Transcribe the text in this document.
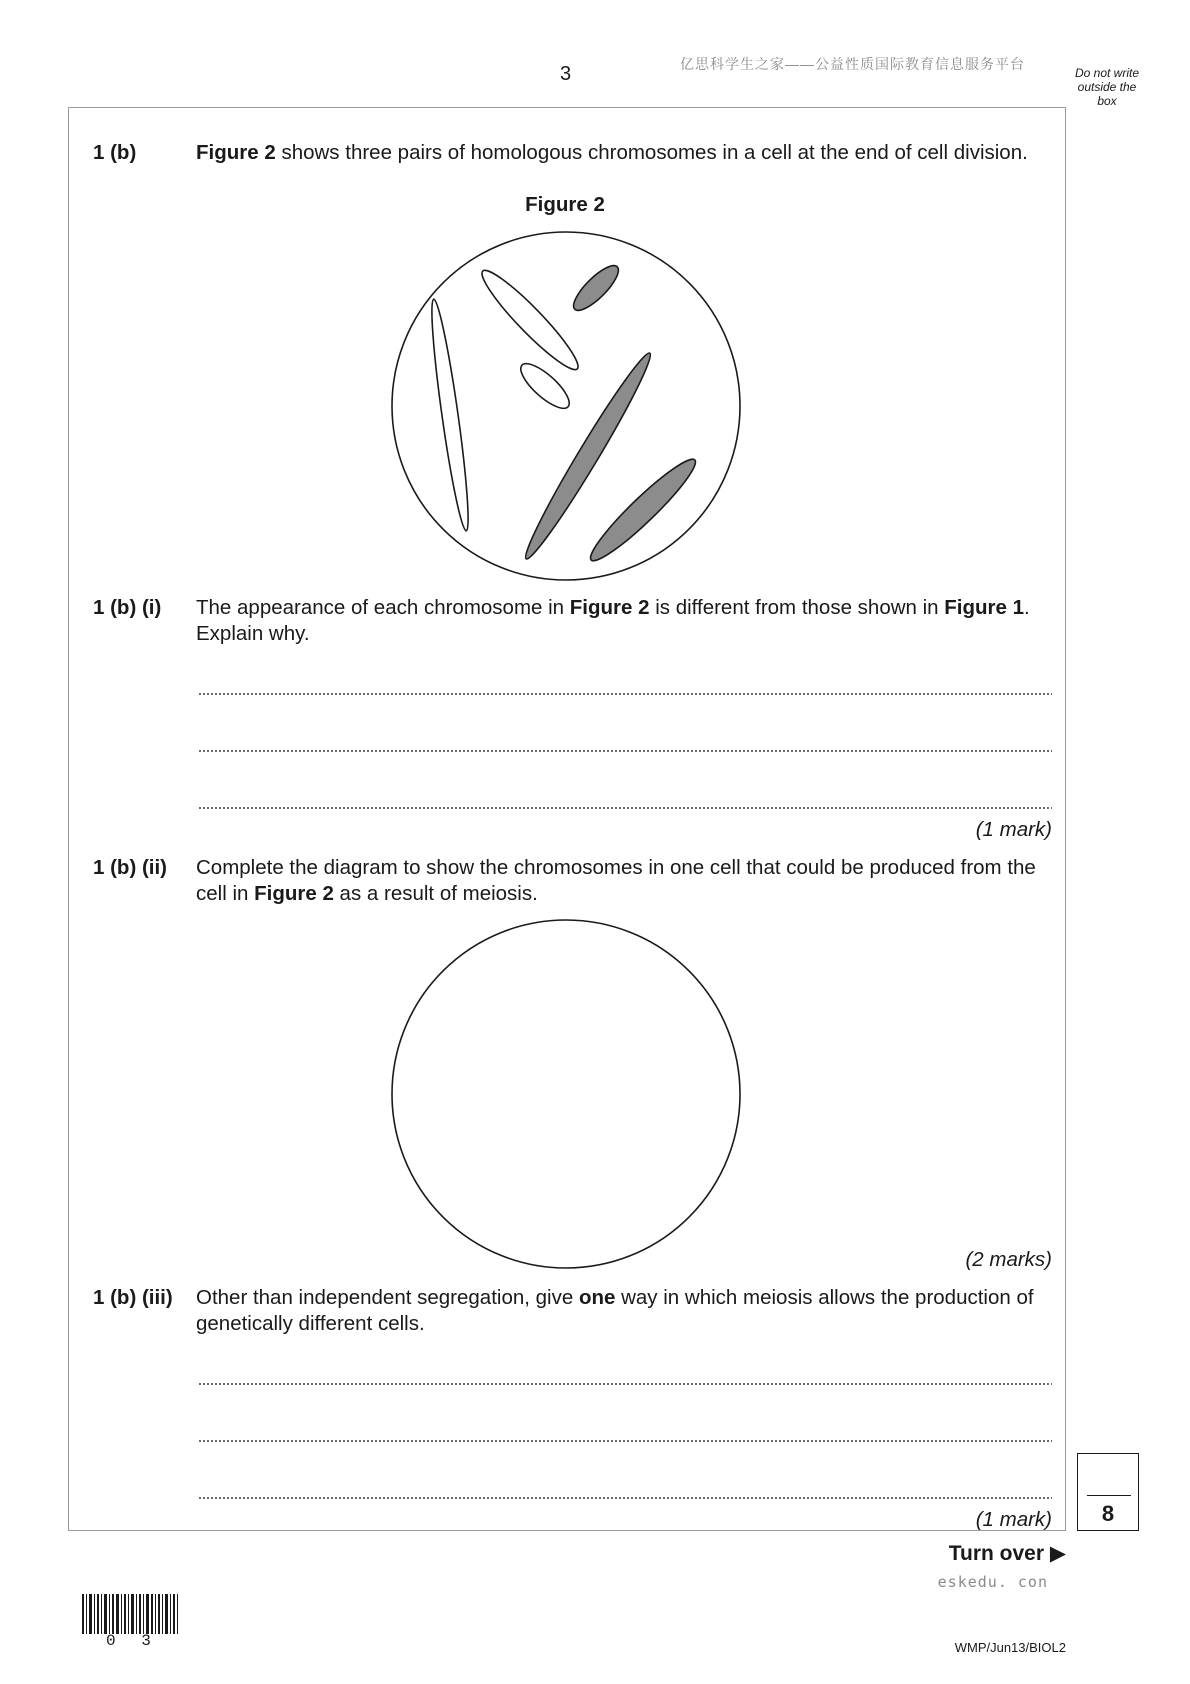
3	亿思科学生之家——公益性质国际教育信息服务平台
Do not write
outside the
box
1 (b)	Figure 2 shows three pairs of homologous chromosomes in a cell at the end of cell division.
Figure 2
1 (b) (i) The appearance of each chromosome in Figure 2 is different from those shown in Figure 1. Explain why.
(1 mark)
1 (b) (ii) Complete the diagram to show the chromosomes in one cell that could be produced from the cell in Figure 2 as a result of meiosis.
(2 marks)
1 (b) (iii) Other than independent segregation, give one way in which meiosis allows the production of genetically different cells.
(1 mark)	8
Turn over ▶
eskedu. con
0 3	WMP/Jun13/BIOL2
